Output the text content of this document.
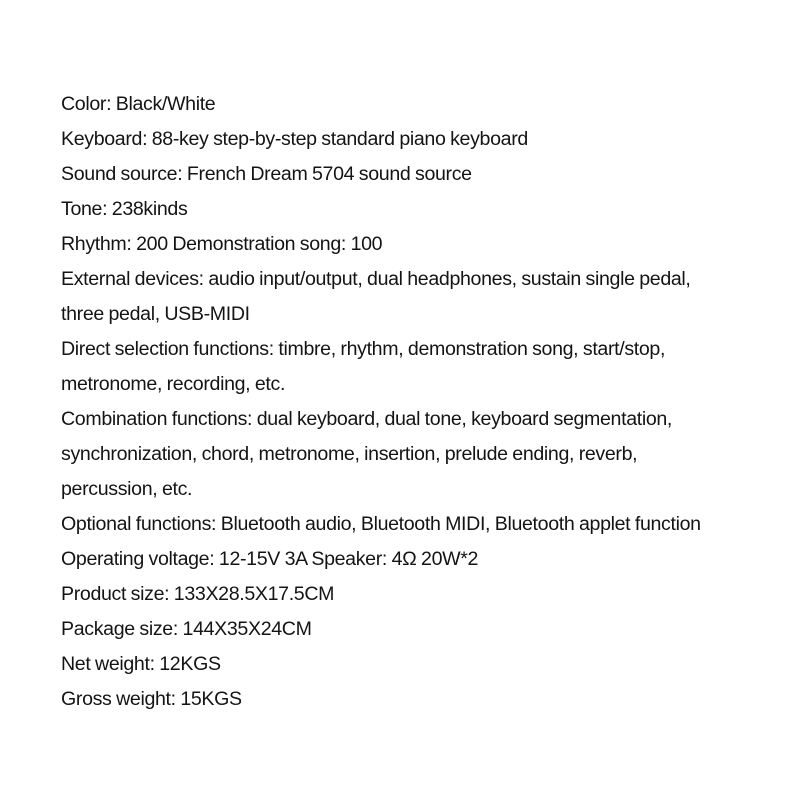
Color: Black/White
Keyboard: 88-key step-by-step standard piano keyboard
Sound source: French Dream 5704 sound source
Tone: 238kinds
Rhythm: 200 Demonstration song: 100
External devices: audio input/output, dual headphones, sustain single pedal,
three pedal, USB-MIDI
Direct selection functions: timbre, rhythm, demonstration song, start/stop,
metronome, recording, etc.
Combination functions: dual keyboard, dual tone, keyboard segmentation,
synchronization, chord, metronome, insertion, prelude ending, reverb,
percussion, etc.
Optional functions: Bluetooth audio, Bluetooth MIDI, Bluetooth applet function
Operating voltage: 12-15V 3A Speaker: 4Ω 20W*2
Product size: 133X28.5X17.5CM
Package size: 144X35X24CM
Net weight: 12KGS
Gross weight: 15KGS
